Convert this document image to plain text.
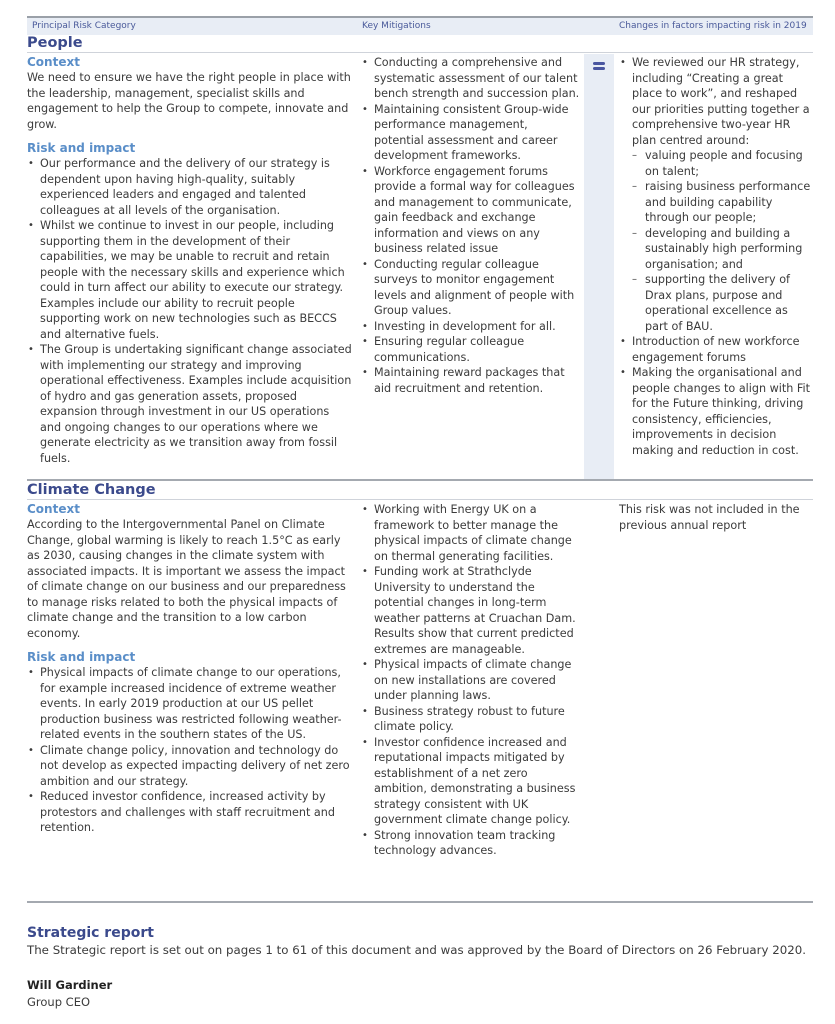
Principal Risk Category	Key Mitigations	Changes in factors impacting risk in 2019
People
Context

We need to ensure we have the right people in place with the leadership, management, specialist skills and engagement to help the Group to compete, innovate and grow.

Risk and impact
• Our performance and the delivery of our strategy is dependent upon having high-quality, suitably experienced leaders and engaged and talented colleagues at all levels of the organisation.
• Whilst we continue to invest in our people, including supporting them in the development of their capabilities, we may be unable to recruit and retain people with the necessary skills and experience which could in turn affect our ability to execute our strategy. Examples include our ability to recruit people supporting work on new technologies such as BECCS and alternative fuels.
• The Group is undertaking significant change associated with implementing our strategy and improving operational effectiveness. Examples include acquisition of hydro and gas generation assets, proposed expansion through investment in our US operations and ongoing changes to our operations where we generate electricity as we transition away from fossil fuels.
• Conducting a comprehensive and systematic assessment of our talent bench strength and succession plan.
• Maintaining consistent Group-wide performance management, potential assessment and career development frameworks.
• Workforce engagement forums provide a formal way for colleagues and management to communicate, gain feedback and exchange information and views on any business related issue
• Conducting regular colleague surveys to monitor engagement levels and alignment of people with Group values.
• Investing in development for all.
• Ensuring regular colleague communications.
• Maintaining reward packages that aid recruitment and retention.
• We reviewed our HR strategy, including “Creating a great place to work”, and reshaped our priorities putting together a comprehensive two-year HR plan centred around:
– valuing people and focusing on talent;
– raising business performance and building capability through our people;
– developing and building a sustainably high performing organisation; and
– supporting the delivery of Drax plans, purpose and operational excellence as part of BAU.
• Introduction of new workforce engagement forums
• Making the organisational and people changes to align with Fit for the Future thinking, driving consistency, efficiencies, improvements in decision making and reduction in cost.
Climate Change
Context

According to the Intergovernmental Panel on Climate Change, global warming is likely to reach 1.5°C as early as 2030, causing changes in the climate system with associated impacts. It is important we assess the impact of climate change on our business and our preparedness to manage risks related to both the physical impacts of climate change and the transition to a low carbon economy.

Risk and impact
• Physical impacts of climate change to our operations, for example increased incidence of extreme weather events. In early 2019 production at our US pellet production business was restricted following weather-related events in the southern states of the US.
• Climate change policy, innovation and technology do not develop as expected impacting delivery of net zero ambition and our strategy.
• Reduced investor confidence, increased activity by protestors and challenges with staff recruitment and retention.
• Working with Energy UK on a framework to better manage the physical impacts of climate change on thermal generating facilities.
• Funding work at Strathclyde University to understand the potential changes in long-term weather patterns at Cruachan Dam. Results show that current predicted extremes are manageable.
• Physical impacts of climate change on new installations are covered under planning laws.
• Business strategy robust to future climate policy.
• Investor confidence increased and reputational impacts mitigated by establishment of a net zero ambition, demonstrating a business strategy consistent with UK government climate change policy.
• Strong innovation team tracking technology advances.

This risk was not included in the previous annual report

Strategic report
The Strategic report is set out on pages 1 to 61 of this document and was approved by the Board of Directors on 26 February 2020.
Will Gardiner
Group CEO
